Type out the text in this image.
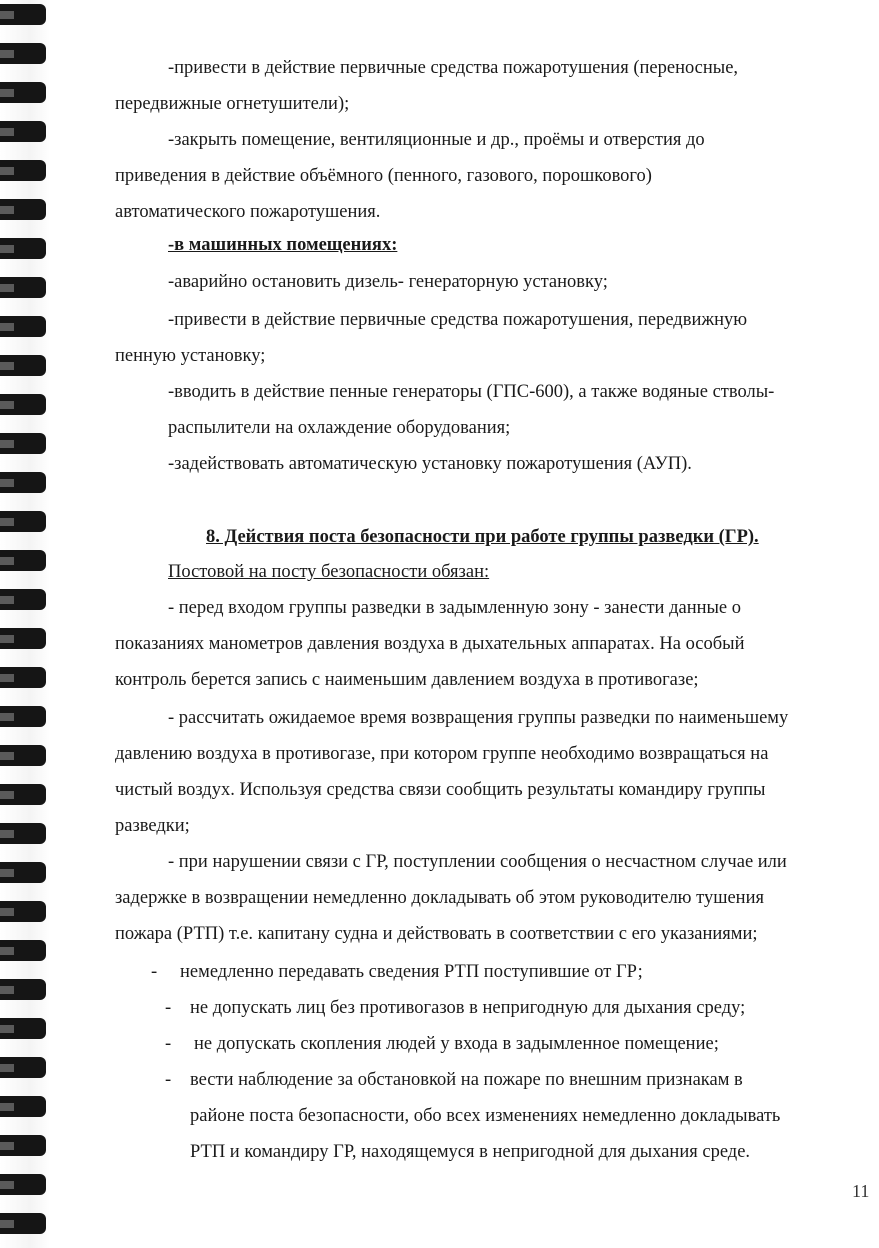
-привести в действие первичные средства пожаротушения (переносные,
передвижные огнетушители);
-закрыть помещение, вентиляционные и др., проёмы и отверстия до
приведения в действие объёмного (пенного, газового, порошкового)
автоматического пожаротушения.
-в машинных помещениях:
-аварийно остановить дизель- генераторную установку;
-привести в действие первичные средства пожаротушения, передвижную
пенную установку;
-вводить в действие пенные генераторы (ГПС-600), а также водяные стволы-
распылители на охлаждение оборудования;
-задействовать автоматическую установку пожаротушения (АУП).
8. Действия поста безопасности при работе группы разведки (ГР).
Постовой на посту безопасности обязан:
- перед входом группы разведки в задымленную зону - занести данные о
показаниях манометров давления воздуха в дыхательных аппаратах. На особый
контроль берется запись с наименьшим давлением воздуха в противогазе;
- рассчитать ожидаемое время возвращения группы разведки по наименьшему
давлению воздуха в противогазе, при котором группе необходимо возвращаться на
чистый воздух. Используя средства связи сообщить результаты командиру группы
разведки;
- при нарушении связи с ГР, поступлении сообщения о несчастном случае или
задержке в возвращении немедленно докладывать об этом руководителю тушения
пожара (РТП) т.е. капитану судна и действовать в соответствии с его указаниями;
- немедленно передавать сведения РТП поступившие от ГР;
- не допускать лиц без противогазов в непригодную для дыхания среду;
- не допускать скопления людей у входа в задымленное помещение;
- вести наблюдение за обстановкой на пожаре по внешним признакам в
районе поста безопасности, обо всех изменениях немедленно докладывать
РТП и командиру ГР, находящемуся в непригодной для дыхания среде.
11
